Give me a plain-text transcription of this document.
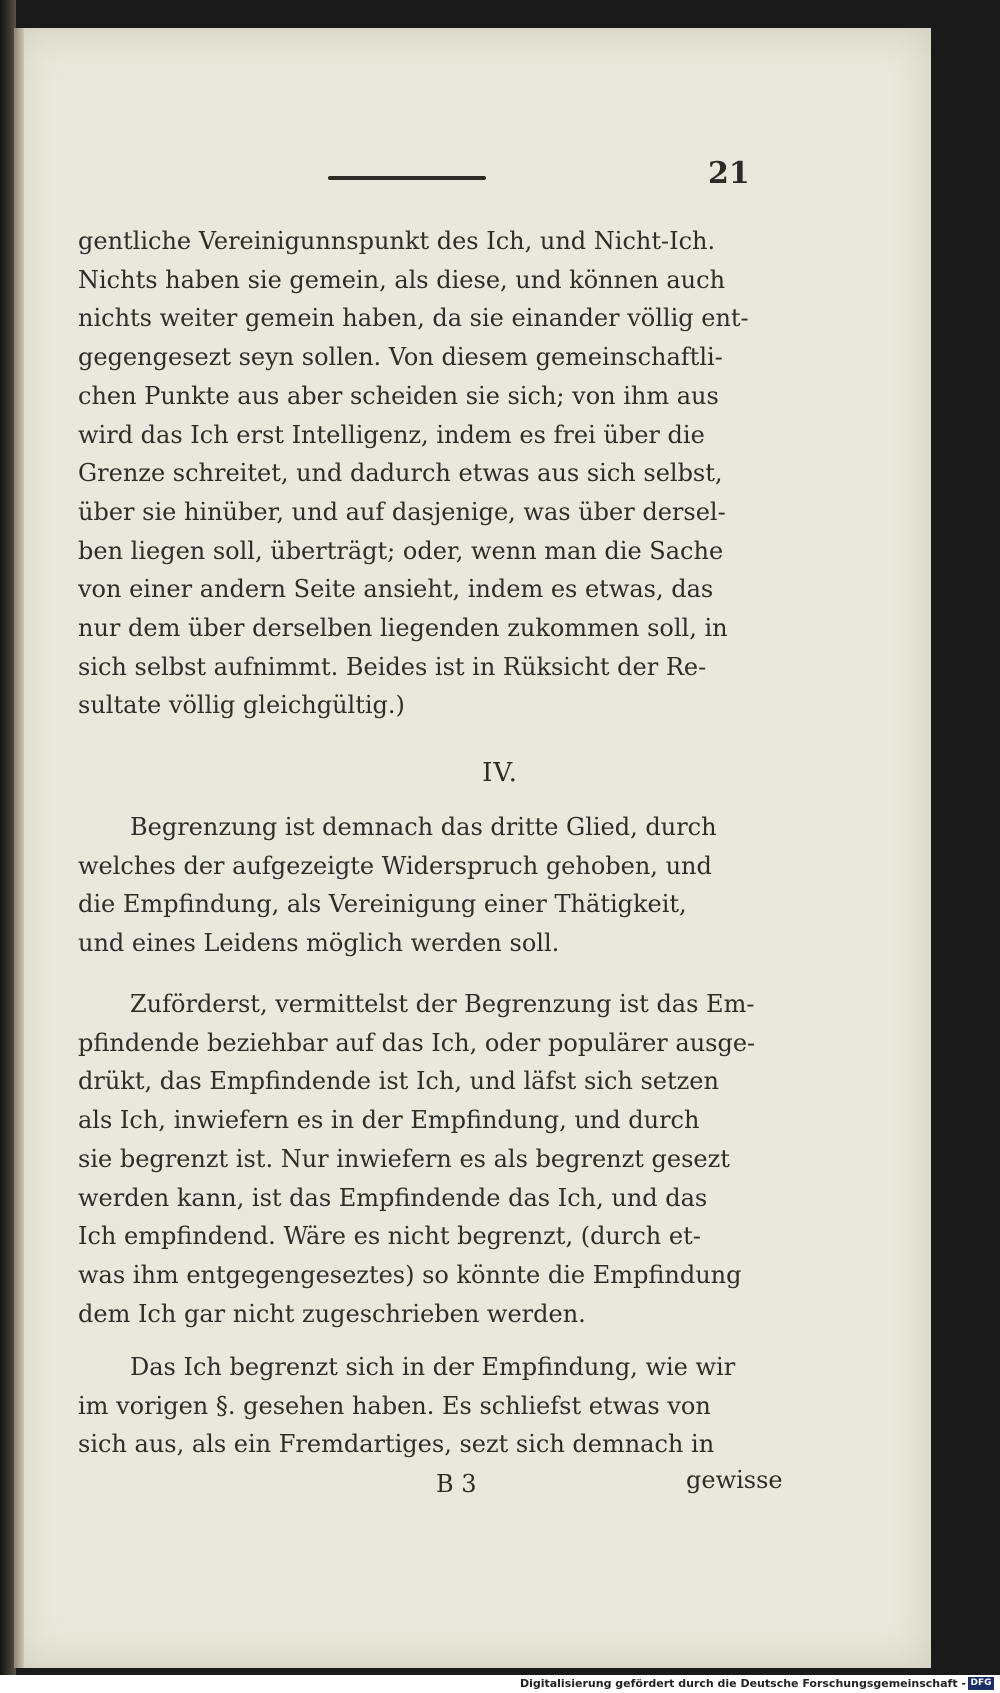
21
gentliche Vereinigunnspunkt des Ich, und Nicht-Ich.
Nichts haben sie gemein, als diese, und können auch
nichts weiter gemein haben, da sie einander völlig ent-
gegengesezt seyn sollen. Von diesem gemeinschaftli-
chen Punkte aus aber scheiden sie sich; von ihm aus
wird das Ich erst Intelligenz, indem es frei über die
Grenze schreitet, und dadurch etwas aus sich selbst,
über sie hinüber, und auf dasjenige, was über dersel-
ben liegen soll, überträgt; oder, wenn man die Sache
von einer andern Seite ansieht, indem es etwas, das
nur dem über derselben liegenden zukommen soll, in
sich selbst aufnimmt. Beides ist in Rüksicht der Re-
sultate völlig gleichgültig.)
IV.
Begrenzung ist demnach das dritte Glied, durch
welches der aufgezeigte Widerspruch gehoben, und
die Empfindung, als Vereinigung einer Thätigkeit,
und eines Leidens möglich werden soll.
Zuförderst, vermittelst der Begrenzung ist das Em-
pfindende beziehbar auf das Ich, oder populärer ausge-
drükt, das Empfindende ist Ich, und läfst sich setzen
als Ich, inwiefern es in der Empfindung, und durch
sie begrenzt ist. Nur inwiefern es als begrenzt gesezt
werden kann, ist das Empfindende das Ich, und das
Ich empfindend. Wäre es nicht begrenzt, (durch et-
was ihm entgegengeseztes) so könnte die Empfindung
dem Ich gar nicht zugeschrieben werden.
Das Ich begrenzt sich in der Empfindung, wie wir
im vorigen §. gesehen haben. Es schliefst etwas von
sich aus, als ein Fremdartiges, sezt sich demnach in
B 3	gewisse
Digitalisierung gefördert durch die Deutsche Forschungsgemeinschaft - DFG
